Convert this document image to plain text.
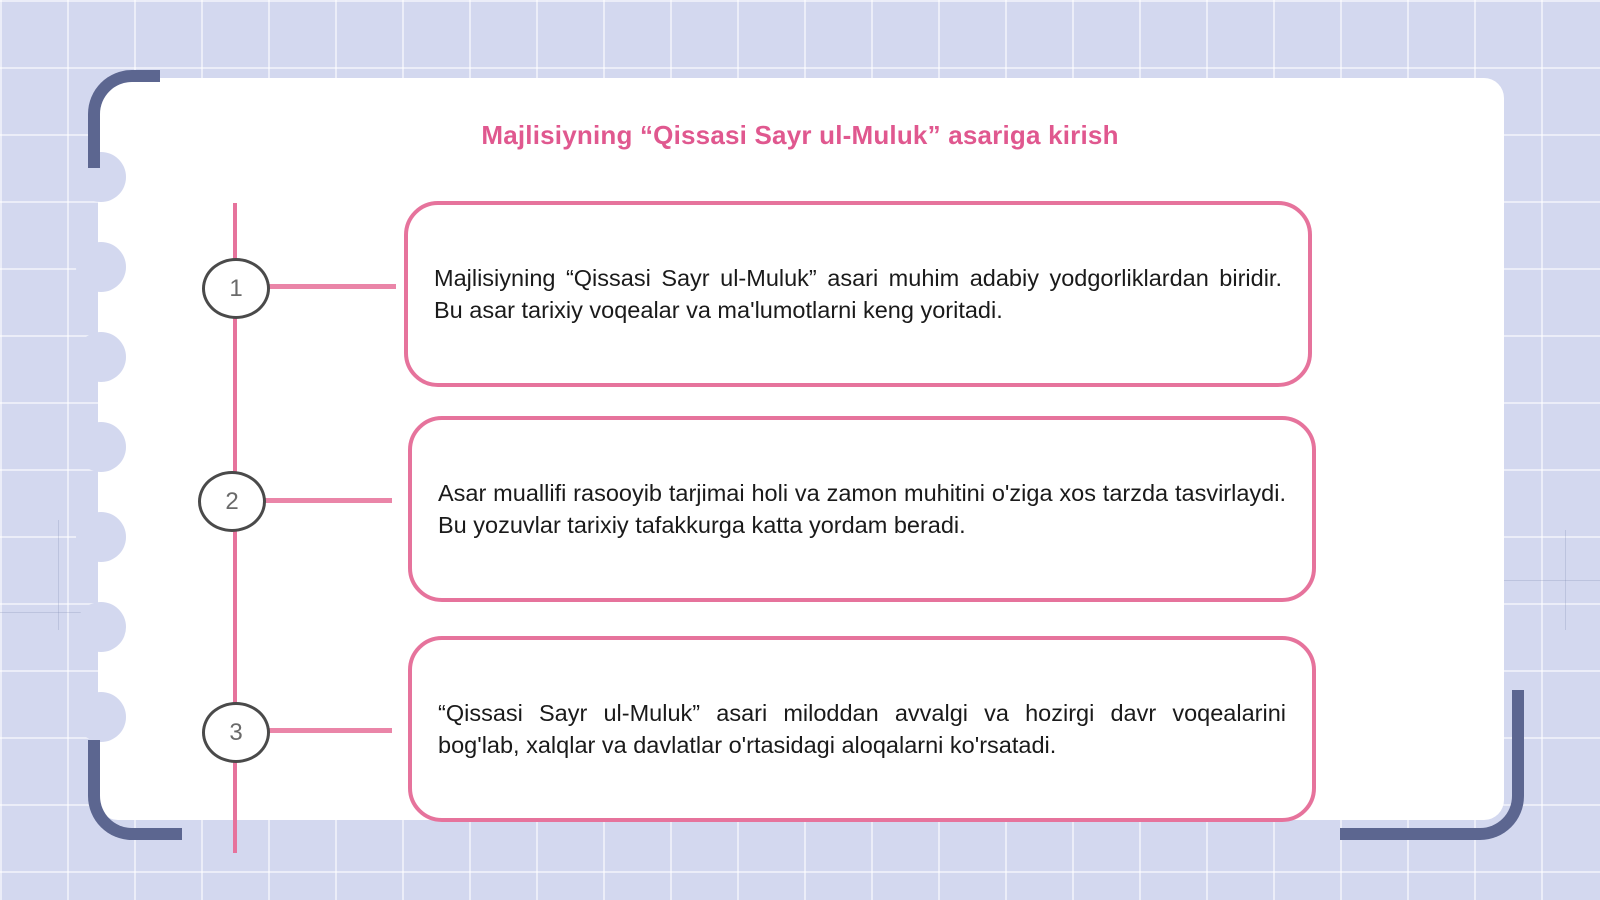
Majlisiyning “Qissasi Sayr ul-Muluk” asariga kirish
1
2
3

Majlisiyning “Qissasi Sayr ul-Muluk” asari muhim adabiy yodgorliklardan biridir. Bu asar tarixiy voqealar va ma'lumotlarni keng yoritadi.

Asar muallifi rasooyib tarjimai holi va zamon muhitini o'ziga xos tarzda tasvirlaydi. Bu yozuvlar tarixiy tafakkurga katta yordam beradi.

“Qissasi Sayr ul-Muluk” asari miloddan avvalgi va hozirgi davr voqealarini bog'lab, xalqlar va davlatlar o'rtasidagi aloqalarni ko'rsatadi.
